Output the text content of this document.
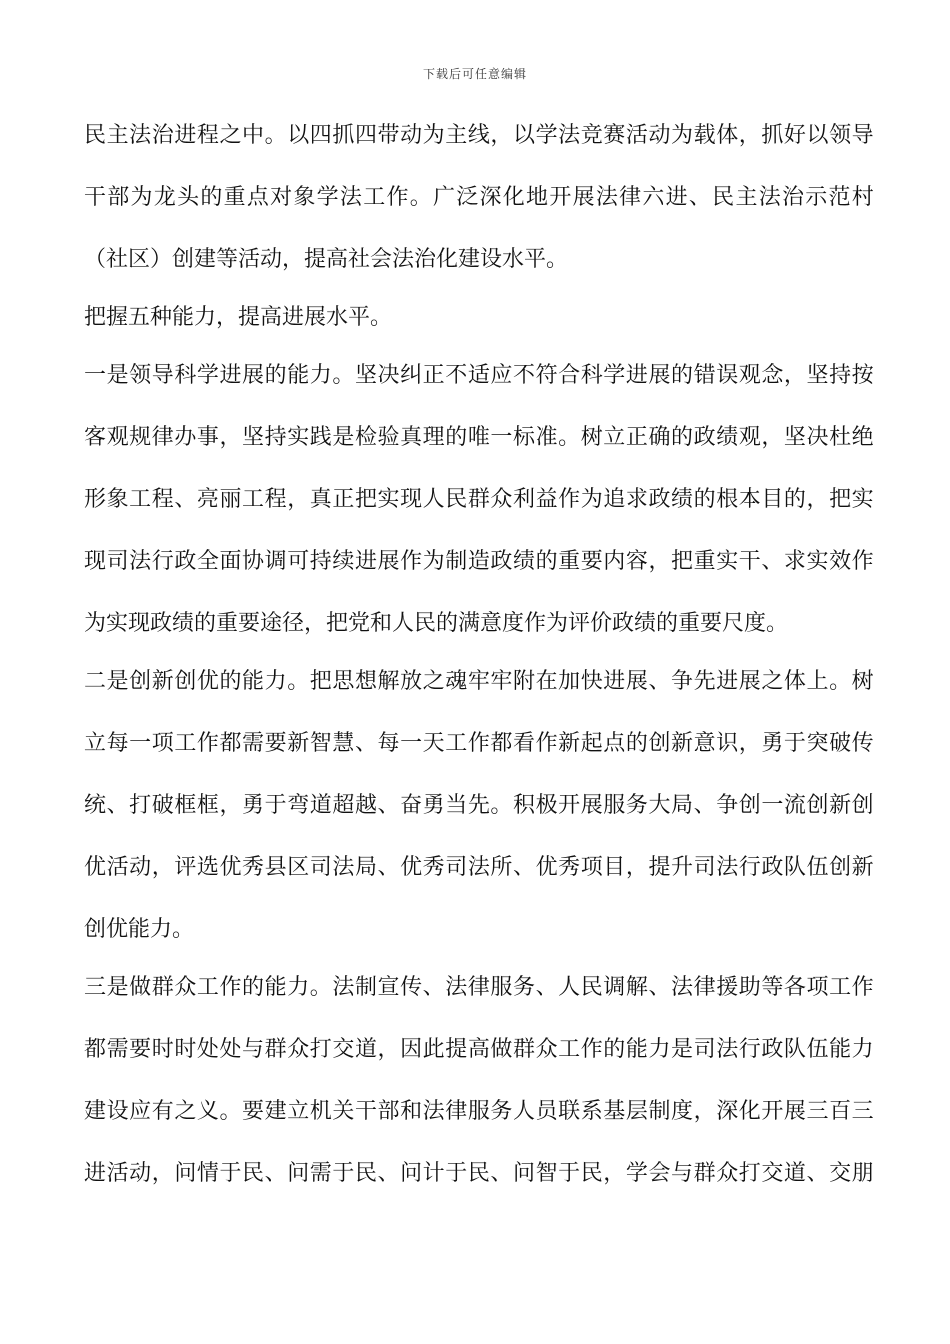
下载后可任意编辑
民 主 法 治 进 程 之 中 。 以 四 抓 四 带 动 为 主 线 ， 以 学 法 竞 赛 活 动 为 载 体 ， 抓 好 以 领 导
干 部 为 龙 头 的 重 点 对 象 学 法 工 作 。 广 泛 深 化 地 开 展 法 律 六 进 、 民 主 法 治 示 范 村
（社区）创建等活动，提高社会法治化建设水平。
把握五种能力，提高进展水平。
一 是 领 导 科 学 进 展 的 能 力 。 坚 决 纠 正 不 适 应 不 符 合 科 学 进 展 的 错 误 观 念 ， 坚 持 按
客 观 规 律 办 事 ， 坚 持 实 践 是 检 验 真 理 的 唯 一 标 准 。 树 立 正 确 的 政 绩 观 ， 坚 决 杜 绝
形 象 工 程 、 亮 丽 工 程 ， 真 正 把 实 现 人 民 群 众 利 益 作 为 追 求 政 绩 的 根 本 目 的 ， 把 实
现 司 法 行 政 全 面 协 调 可 持 续 进 展 作 为 制 造 政 绩 的 重 要 内 容 ， 把 重 实 干 、 求 实 效 作
为实现政绩的重要途径，把党和人民的满意度作为评价政绩的重要尺度。
二 是 创 新 创 优 的 能 力 。 把 思 想 解 放 之 魂 牢 牢 附 在 加 快 进 展 、 争 先 进 展 之 体 上 。 树
立 每 一 项 工 作 都 需 要 新 智 慧 、 每 一 天 工 作 都 看 作 新 起 点 的 创 新 意 识 ， 勇 于 突 破 传
统 、 打 破 框 框 ， 勇 于 弯 道 超 越 、 奋 勇 当 先 。 积 极 开 展 服 务 大 局 、 争 创 一 流 创 新 创
优 活 动 ， 评 选 优 秀 县 区 司 法 局 、 优 秀 司 法 所 、 优 秀 项 目 ， 提 升 司 法 行 政 队 伍 创 新
创优能力。
三 是 做 群 众 工 作 的 能 力 。 法 制 宣 传 、 法 律 服 务 、 人 民 调 解 、 法 律 援 助 等 各 项 工 作
都 需 要 时 时 处 处 与 群 众 打 交 道 ， 因 此 提 高 做 群 众 工 作 的 能 力 是 司 法 行 政 队 伍 能 力
建 设 应 有 之 义 。 要 建 立 机 关 干 部 和 法 律 服 务 人 员 联 系 基 层 制 度 ， 深 化 开 展 三 百 三
进 活 动 ， 问 情 于 民 、 问 需 于 民 、 问 计 于 民 、 问 智 于 民 ， 学 会 与 群 众 打 交 道 、 交 朋
